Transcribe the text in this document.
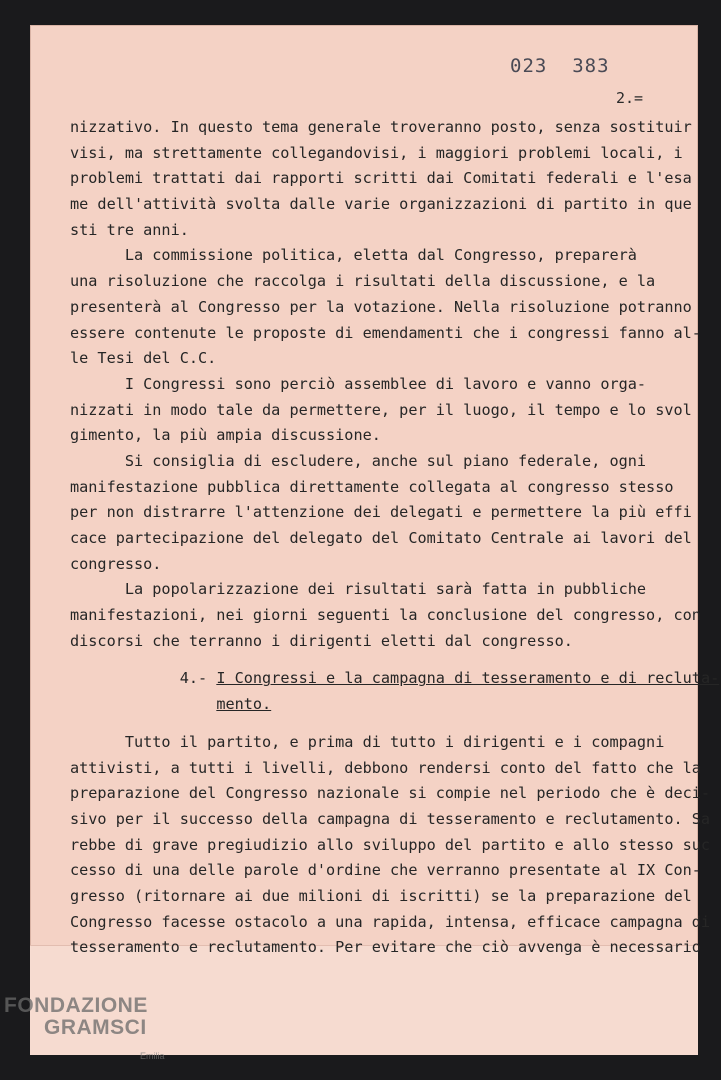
023  383
2.=
nizzativo. In questo tema generale troveranno posto, senza sostituir
visi, ma strettamente collegandovisi, i maggiori problemi locali, i
problemi trattati dai rapporti scritti dai Comitati federali e l'esa
me dell'attività svolta dalle varie organizzazioni di partito in que
sti tre anni.
La commissione politica, eletta dal Congresso, preparerà
una risoluzione che raccolga i risultati della discussione, e la
presenterà al Congresso per la votazione. Nella risoluzione potranno
essere contenute le proposte di emendamenti che i congressi fanno al-
le Tesi del C.C.
I Congressi sono perciò assemblee di lavoro e vanno orga-
nizzati in modo tale da permettere, per il luogo, il tempo e lo svol
gimento, la più ampia discussione.
Si consiglia di escludere, anche sul piano federale, ogni
manifestazione pubblica direttamente collegata al congresso stesso
per non distrarre l'attenzione dei delegati e permettere la più effi
cace partecipazione del delegato del Comitato Centrale ai lavori del
congresso.
La popolarizzazione dei risultati sarà fatta in pubbliche
manifestazioni, nei giorni seguenti la conclusione del congresso, con
discorsi che terranno i dirigenti eletti dal congresso.
4.- I Congressi e la campagna di tesseramento e di recluta-
mento.
Tutto il partito, e prima di tutto i dirigenti e i compagni
attivisti, a tutti i livelli, debbono rendersi conto del fatto che la
preparazione del Congresso nazionale si compie nel periodo che è deci-
sivo per il successo della campagna di tesseramento e reclutamento. Sa
rebbe di grave pregiudizio allo sviluppo del partito e allo stesso suc
cesso di una delle parole d'ordine che verranno presentate al IX Con-
gresso (ritornare ai due milioni di iscritti) se la preparazione del
Congresso facesse ostacolo a una rapida, intensa, efficace campagna di
tesseramento e reclutamento. Per evitare che ciò avvenga è necessario
FONDAZIONE
GRAMSCI
Emilia
